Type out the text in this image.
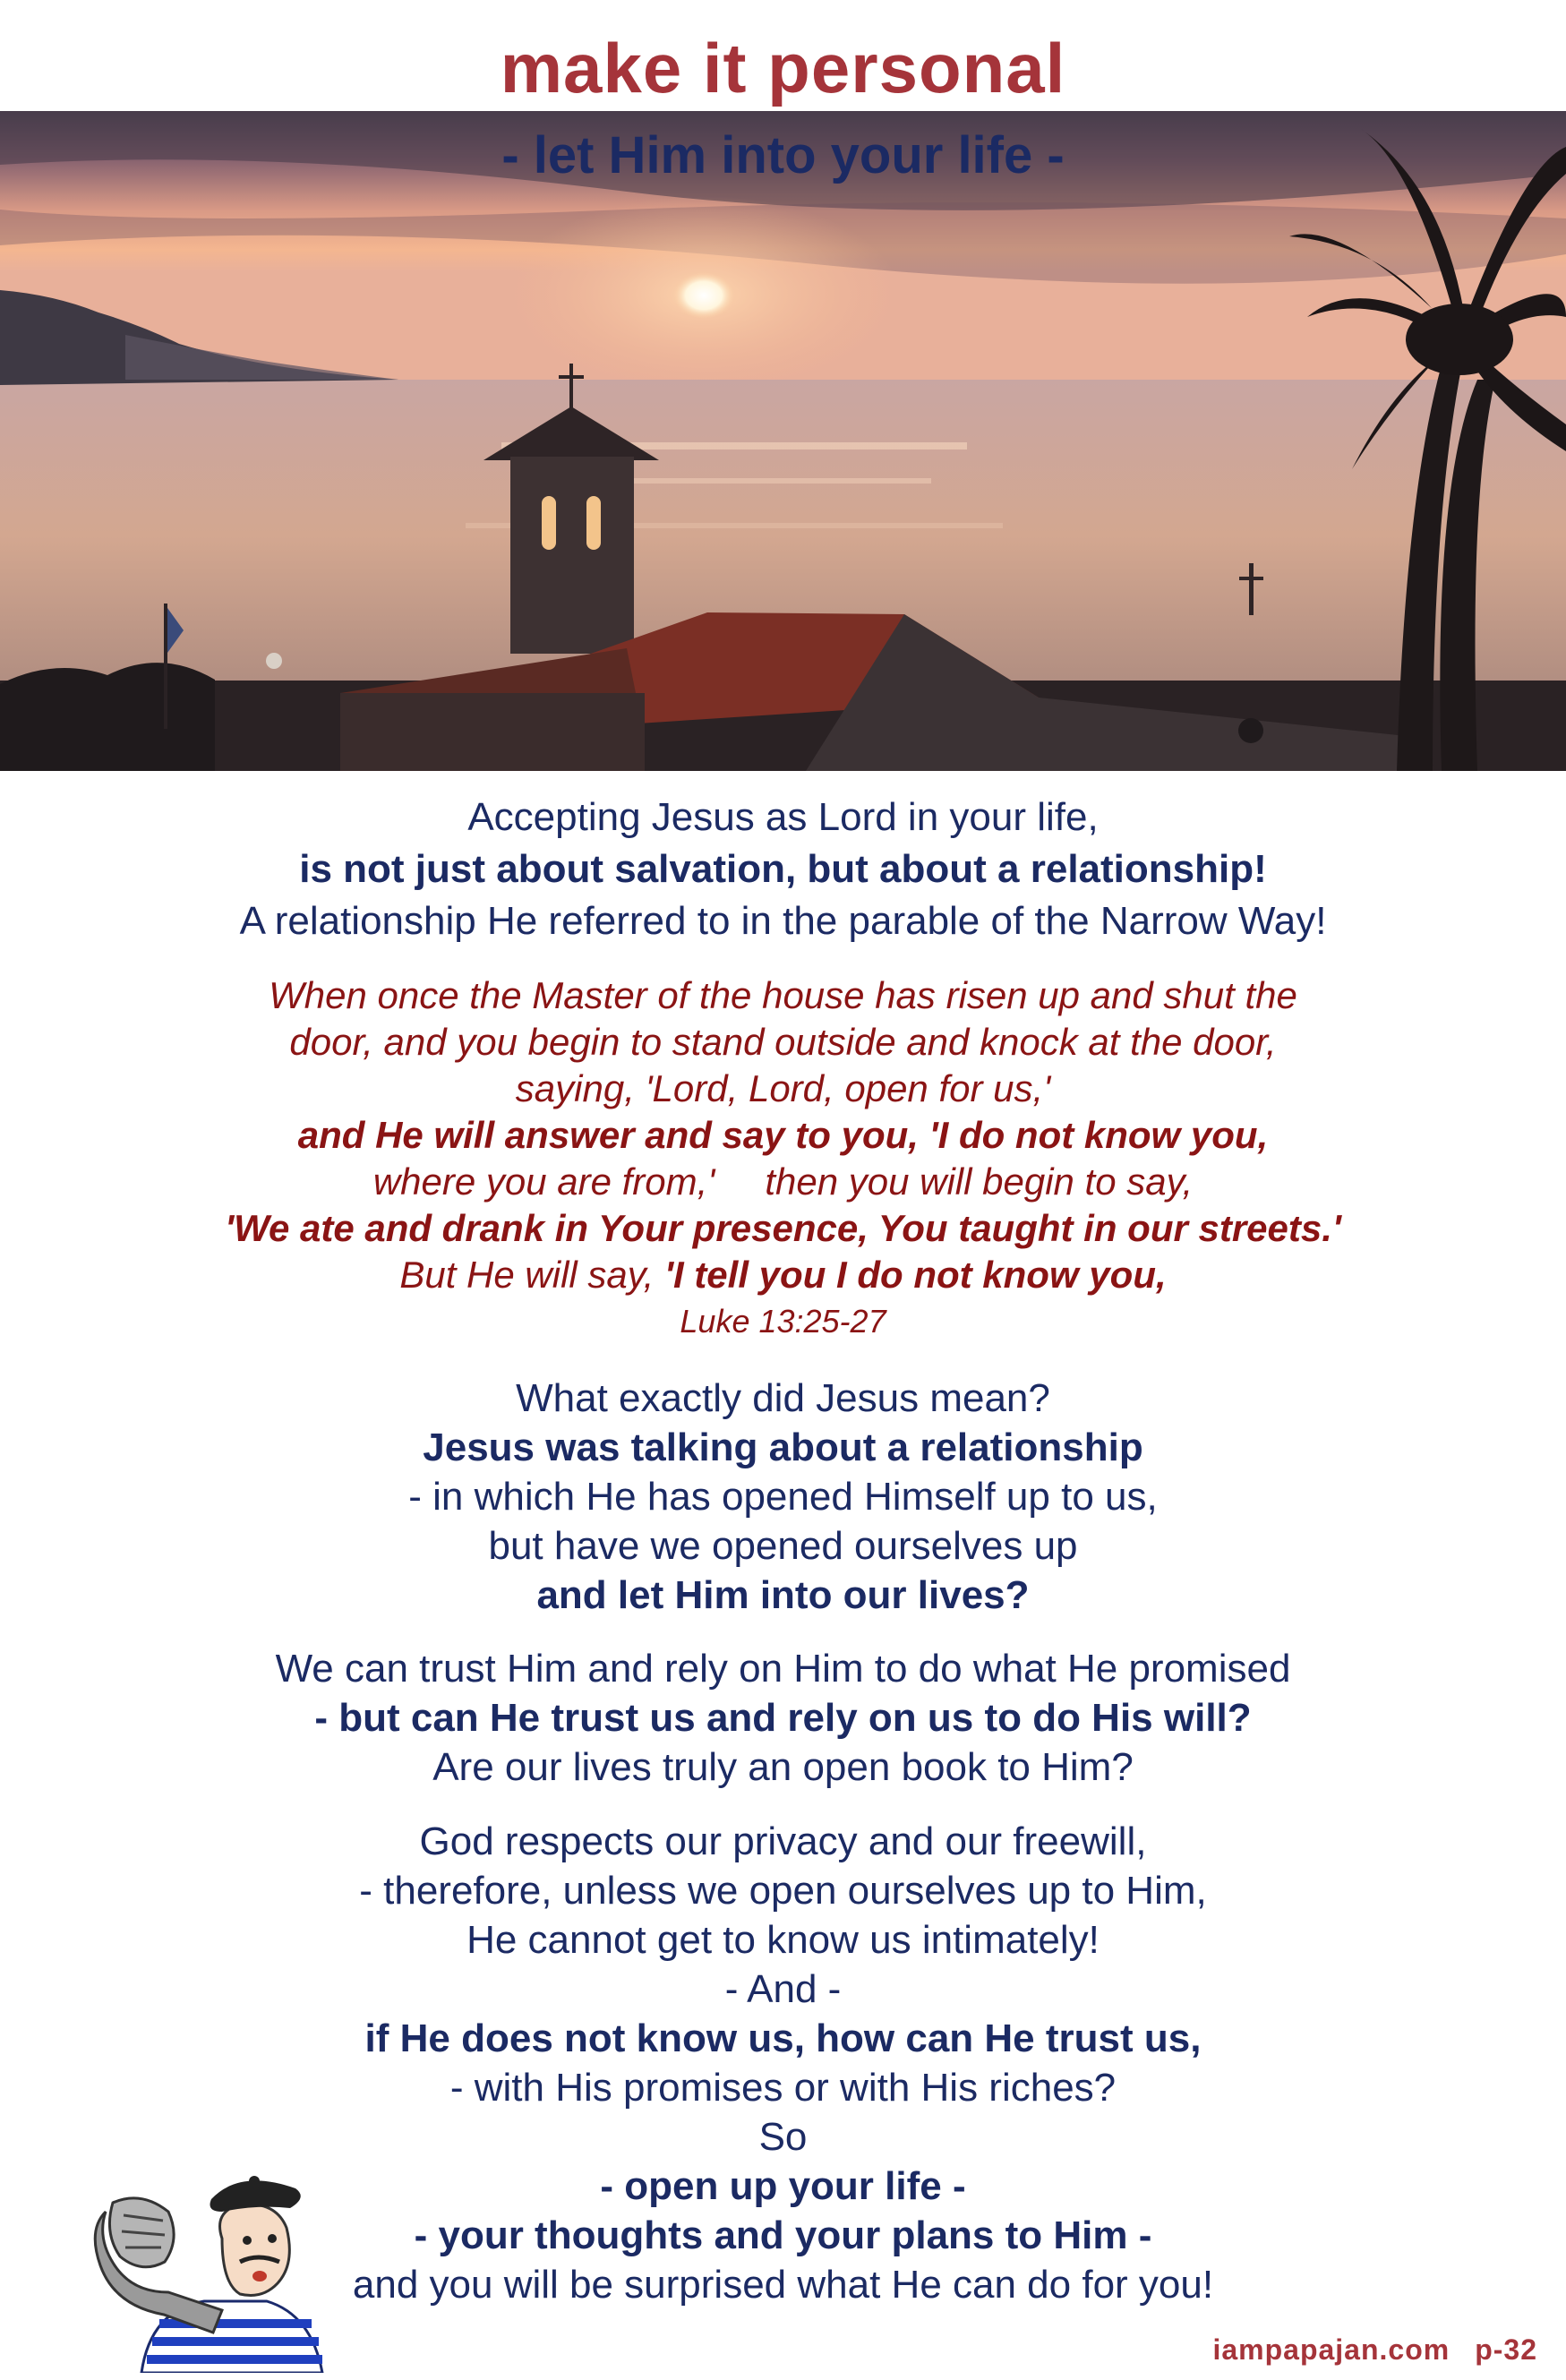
make it personal
- let Him into your life -
Accepting Jesus as Lord in your life,
is not just about salvation, but about a relationship!
A relationship He referred to in the parable of the Narrow Way!
When once the Master of the house has risen up and shut the
door, and you begin to stand outside and knock at the door,
saying, 'Lord, Lord, open for us,'
and He will answer and say to you, 'I do not know you,
where you are from,' then you will begin to say,
'We ate and drank in Your presence, You taught in our streets.'
But He will say, 'I tell you I do not know you,
Luke 13:25-27
What exactly did Jesus mean?
Jesus was talking about a relationship
- in which He has opened Himself up to us,
but have we opened ourselves up
and let Him into our lives?
We can trust Him and rely on Him to do what He promised
- but can He trust us and rely on us to do His will?
Are our lives truly an open book to Him?
God respects our privacy and our freewill,
- therefore, unless we open ourselves up to Him,
He cannot get to know us intimately!
- And -
if He does not know us, how can He trust us,
- with His promises or with His riches?
So
- open up your life -
- your thoughts and your plans to Him -
and you will be surprised what He can do for you!
iampapajan.com p-32
